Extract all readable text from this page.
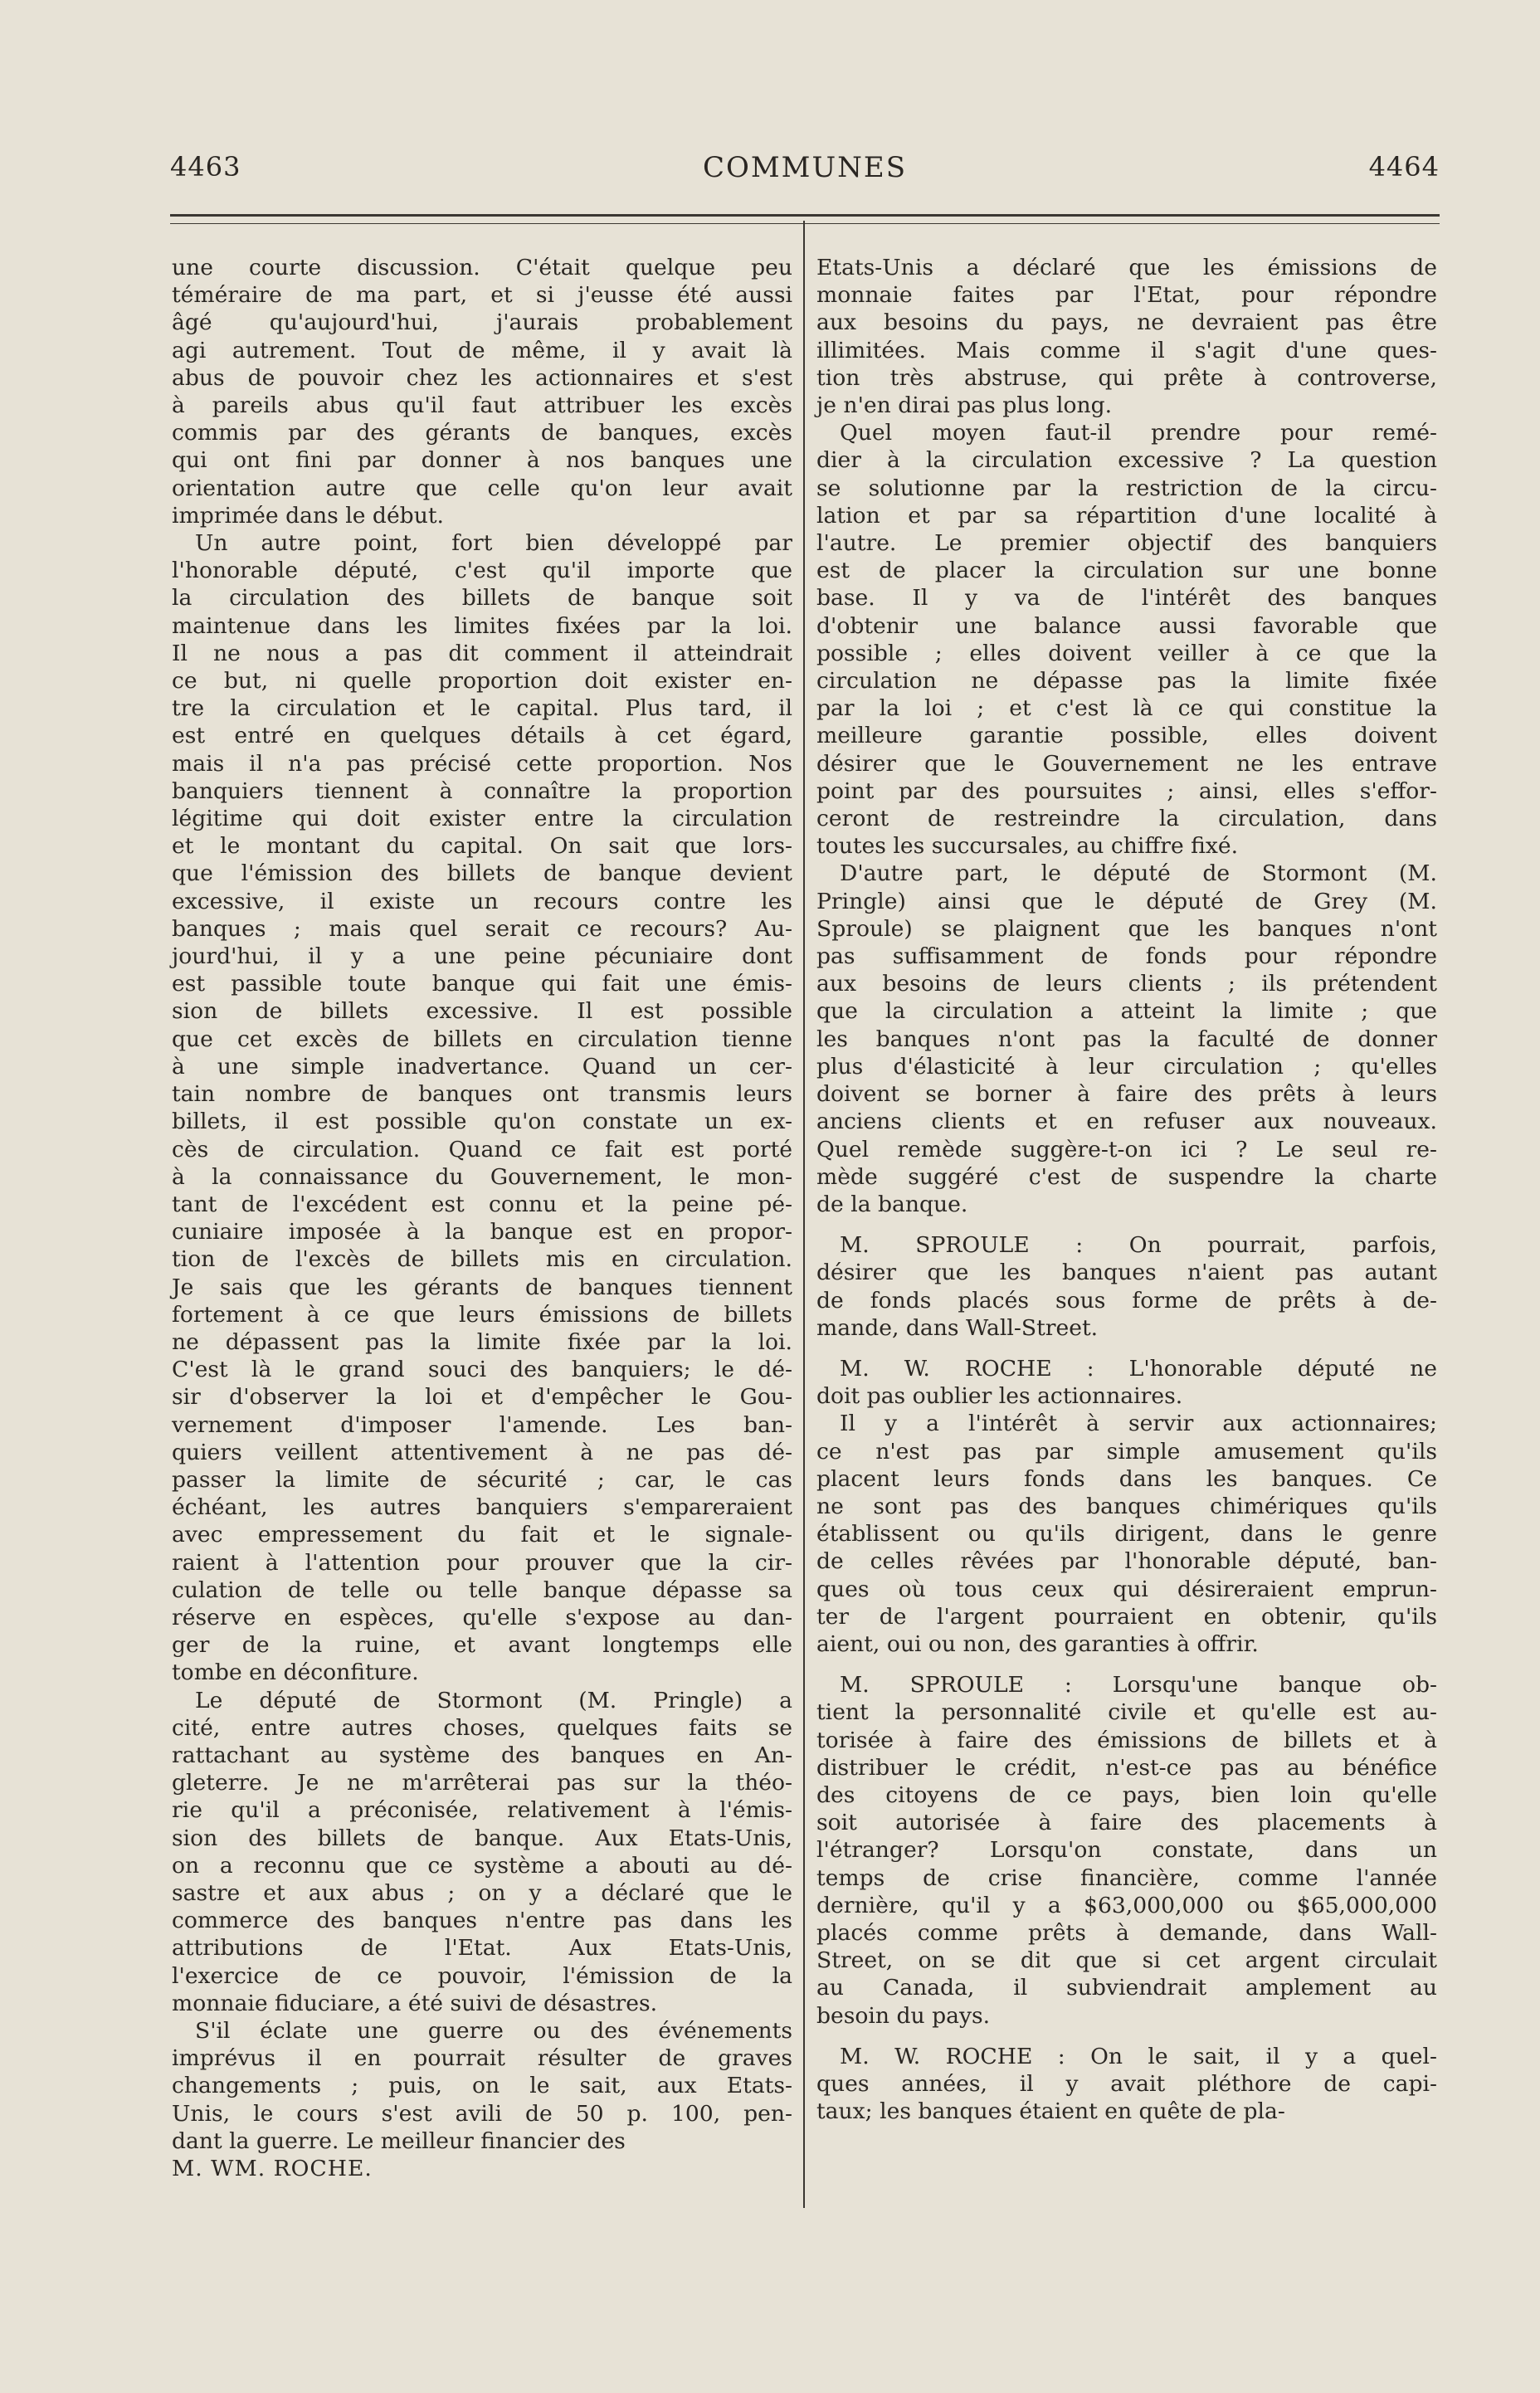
4463	COMMUNES	4464
une courte discussion. C'était quelque peu
téméraire de ma part, et si j'eusse été aussi
âgé qu'aujourd'hui, j'aurais probablement
agi autrement. Tout de même, il y avait là
abus de pouvoir chez les actionnaires et s'est
à pareils abus qu'il faut attribuer les excès
commis par des gérants de banques, excès
qui ont fini par donner à nos banques une
orientation autre que celle qu'on leur avait
imprimée dans le début.
Un autre point, fort bien développé par
l'honorable député, c'est qu'il importe que
la circulation des billets de banque soit
maintenue dans les limites fixées par la loi.
Il ne nous a pas dit comment il atteindrait
ce but, ni quelle proportion doit exister en-
tre la circulation et le capital. Plus tard, il
est entré en quelques détails à cet égard,
mais il n'a pas précisé cette proportion. Nos
banquiers tiennent à connaître la proportion
légitime qui doit exister entre la circulation
et le montant du capital. On sait que lors-
que l'émission des billets de banque devient
excessive, il existe un recours contre les
banques ; mais quel serait ce recours? Au-
jourd'hui, il y a une peine pécuniaire dont
est passible toute banque qui fait une émis-
sion de billets excessive. Il est possible
que cet excès de billets en circulation tienne
à une simple inadvertance. Quand un cer-
tain nombre de banques ont transmis leurs
billets, il est possible qu'on constate un ex-
cès de circulation. Quand ce fait est porté
à la connaissance du Gouvernement, le mon-
tant de l'excédent est connu et la peine pé-
cuniaire imposée à la banque est en propor-
tion de l'excès de billets mis en circulation.
Je sais que les gérants de banques tiennent
fortement à ce que leurs émissions de billets
ne dépassent pas la limite fixée par la loi.
C'est là le grand souci des banquiers; le dé-
sir d'observer la loi et d'empêcher le Gou-
vernement d'imposer l'amende. Les ban-
quiers veillent attentivement à ne pas dé-
passer la limite de sécurité ; car, le cas
échéant, les autres banquiers s'empareraient
avec empressement du fait et le signale-
raient à l'attention pour prouver que la cir-
culation de telle ou telle banque dépasse sa
réserve en espèces, qu'elle s'expose au dan-
ger de la ruine, et avant longtemps elle
tombe en déconfiture.
Le député de Stormont (M. Pringle) a
cité, entre autres choses, quelques faits se
rattachant au système des banques en An-
gleterre. Je ne m'arrêterai pas sur la théo-
rie qu'il a préconisée, relativement à l'émis-
sion des billets de banque. Aux Etats-Unis,
on a reconnu que ce système a abouti au dé-
sastre et aux abus ; on y a déclaré que le
commerce des banques n'entre pas dans les
attributions de l'Etat. Aux Etats-Unis,
l'exercice de ce pouvoir, l'émission de la
monnaie fiduciare, a été suivi de désastres.
S'il éclate une guerre ou des événements
imprévus il en pourrait résulter de graves
changements ; puis, on le sait, aux Etats-
Unis, le cours s'est avili de 50 p. 100, pen-
dant la guerre. Le meilleur financier des
M. WM. ROCHE.
Etats-Unis a déclaré que les émissions de
monnaie faites par l'Etat, pour répondre
aux besoins du pays, ne devraient pas être
illimitées. Mais comme il s'agit d'une ques-
tion très abstruse, qui prête à controverse,
je n'en dirai pas plus long.
Quel moyen faut-il prendre pour remé-
dier à la circulation excessive ? La question
se solutionne par la restriction de la circu-
lation et par sa répartition d'une localité à
l'autre. Le premier objectif des banquiers
est de placer la circulation sur une bonne
base. Il y va de l'intérêt des banques
d'obtenir une balance aussi favorable que
possible ; elles doivent veiller à ce que la
circulation ne dépasse pas la limite fixée
par la loi ; et c'est là ce qui constitue la
meilleure garantie possible, elles doivent
désirer que le Gouvernement ne les entrave
point par des poursuites ; ainsi, elles s'effor-
ceront de restreindre la circulation, dans
toutes les succursales, au chiffre fixé.
D'autre part, le député de Stormont (M.
Pringle) ainsi que le député de Grey (M.
Sproule) se plaignent que les banques n'ont
pas suffisamment de fonds pour répondre
aux besoins de leurs clients ; ils prétendent
que la circulation a atteint la limite ; que
les banques n'ont pas la faculté de donner
plus d'élasticité à leur circulation ; qu'elles
doivent se borner à faire des prêts à leurs
anciens clients et en refuser aux nouveaux.
Quel remède suggère-t-on ici ? Le seul re-
mède suggéré c'est de suspendre la charte
de la banque.
M. SPROULE : On pourrait, parfois,
désirer que les banques n'aient pas autant
de fonds placés sous forme de prêts à de-
mande, dans Wall-Street.
M. W. ROCHE : L'honorable député ne
doit pas oublier les actionnaires.
Il y a l'intérêt à servir aux actionnaires;
ce n'est pas par simple amusement qu'ils
placent leurs fonds dans les banques. Ce
ne sont pas des banques chimériques qu'ils
établissent ou qu'ils dirigent, dans le genre
de celles rêvées par l'honorable député, ban-
ques où tous ceux qui désireraient emprun-
ter de l'argent pourraient en obtenir, qu'ils
aient, oui ou non, des garanties à offrir.
M. SPROULE : Lorsqu'une banque ob-
tient la personnalité civile et qu'elle est au-
torisée à faire des émissions de billets et à
distribuer le crédit, n'est-ce pas au bénéfice
des citoyens de ce pays, bien loin qu'elle
soit autorisée à faire des placements à
l'étranger? Lorsqu'on constate, dans un
temps de crise financière, comme l'année
dernière, qu'il y a $63,000,000 ou $65,000,000
placés comme prêts à demande, dans Wall-
Street, on se dit que si cet argent circulait
au Canada, il subviendrait amplement au
besoin du pays.
M. W. ROCHE : On le sait, il y a quel-
ques années, il y avait pléthore de capi-
taux; les banques étaient en quête de pla-
